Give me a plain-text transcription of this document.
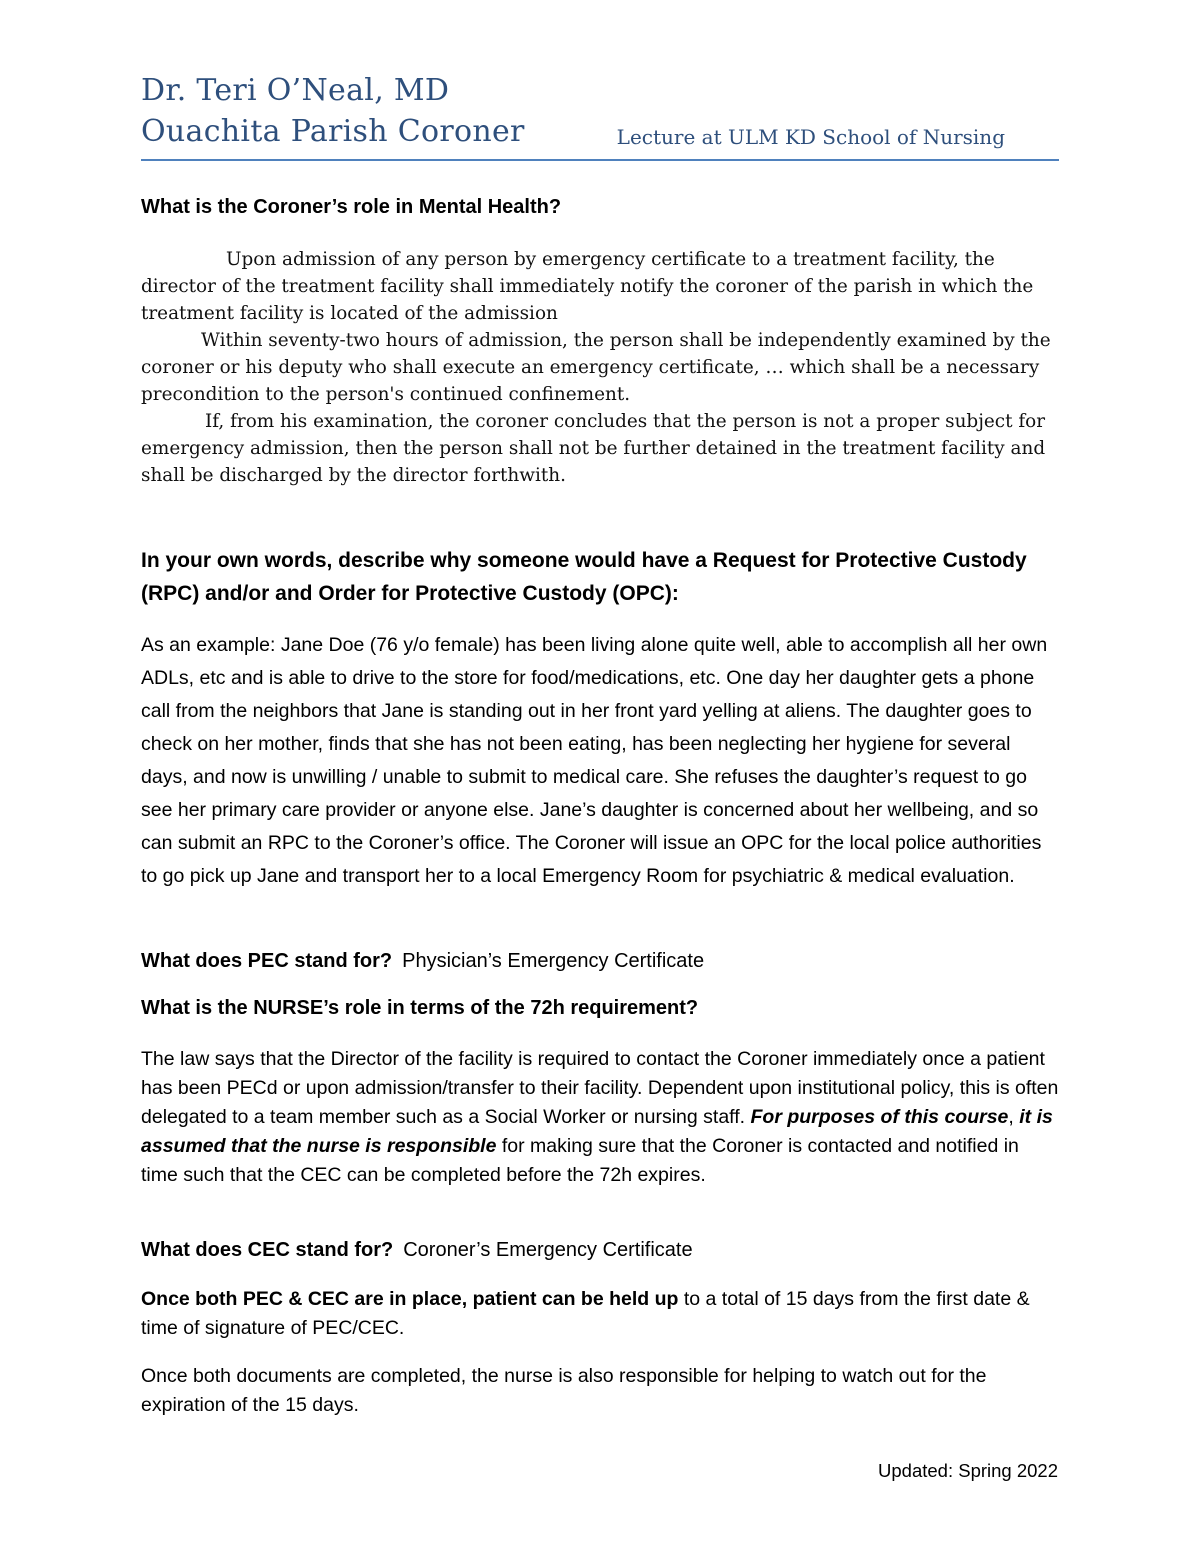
Dr. Teri O’Neal, MD
Ouachita Parish Coroner	Lecture at ULM KD School of Nursing
What is the Coroner’s role in Mental Health?

Upon admission of any person by emergency certificate to a treatment facility, the director of the treatment facility shall immediately notify the coroner of the parish in which the treatment facility is located of the admission

Within seventy-two hours of admission, the person shall be independently examined by the coroner or his deputy who shall execute an emergency certificate, … which shall be a necessary precondition to the person's continued confinement.

If, from his examination, the coroner concludes that the person is not a proper subject for emergency admission, then the person shall not be further detained in the treatment facility and shall be discharged by the director forthwith.

In your own words, describe why someone would have a Request for Protective Custody (RPC) and/or and Order for Protective Custody (OPC):
As an example: Jane Doe (76 y/o female) has been living alone quite well, able to accomplish all her own ADLs, etc and is able to drive to the store for food/medications, etc. One day her daughter gets a phone call from the neighbors that Jane is standing out in her front yard yelling at aliens. The daughter goes to check on her mother, finds that she has not been eating, has been neglecting her hygiene for several days, and now is unwilling / unable to submit to medical care. She refuses the daughter’s request to go see her primary care provider or anyone else. Jane’s daughter is concerned about her wellbeing, and so can submit an RPC to the Coroner’s office. The Coroner will issue an OPC for the local police authorities to go pick up Jane and transport her to a local Emergency Room for psychiatric & medical evaluation.
What does PEC stand for? Physician’s Emergency Certificate
What is the NURSE’s role in terms of the 72h requirement?
The law says that the Director of the facility is required to contact the Coroner immediately once a patient has been PECd or upon admission/transfer to their facility. Dependent upon institutional policy, this is often delegated to a team member such as a Social Worker or nursing staff. For purposes of this course, it is assumed that the nurse is responsible for making sure that the Coroner is contacted and notified in time such that the CEC can be completed before the 72h expires.
What does CEC stand for? Coroner’s Emergency Certificate
Once both PEC & CEC are in place, patient can be held up to a total of 15 days from the first date & time of signature of PEC/CEC.
Once both documents are completed, the nurse is also responsible for helping to watch out for the expiration of the 15 days.
Updated: Spring 2022
